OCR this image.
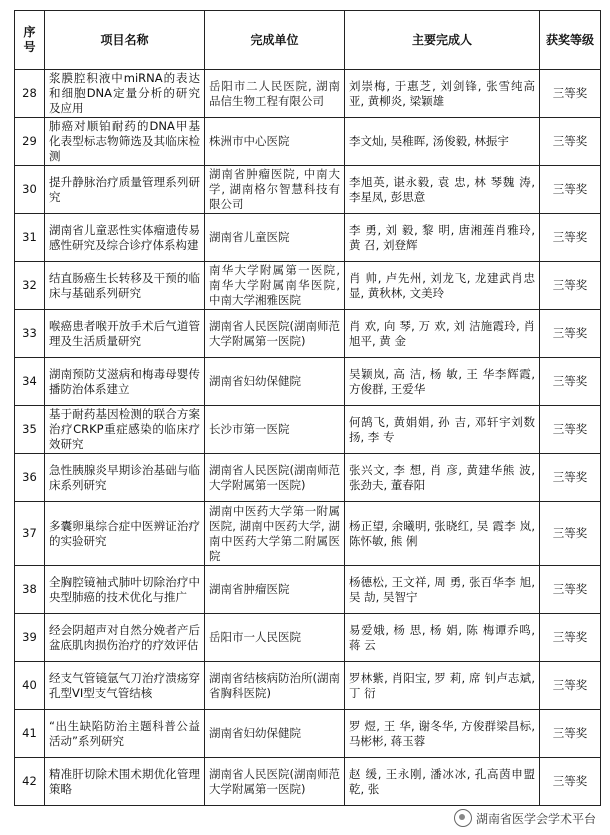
序号	项目名称	完成单位	主要完成人	获奖等级
28	浆膜腔积液中miRNA的表达和细胞DNA定量分析的研究及应用	岳阳市二人民医院, 湖南品信生物工程有限公司	刘崇梅, 于惠芝, 刘剑锋, 张雪纯高 亚, 黄柳炎, 梁颖雄	三等奖
29	肺癌对顺铂耐药的DNA甲基化表型标志物筛选及其临床检测	株洲市中心医院	李文灿, 吴稚晖, 汤俊毅, 林振宇	三等奖
30	提升静脉治疗质量管理系列研究	湖南省肿瘤医院, 中南大学, 湖南格尔智慧科技有限公司	李旭英, 谌永毅, 袁 忠, 林 琴魏 涛, 李星凤, 彭思意	三等奖
31	湖南省儿童恶性实体瘤遗传易感性研究及综合诊疗体系构建	湖南省儿童医院	李 勇, 刘 毅, 黎 明, 唐湘莲肖雅玲, 黄 召, 刘登辉	三等奖
32	结直肠癌生长转移及干预的临床与基础系列研究	南华大学附属第一医院, 南华大学附属南华医院, 中南大学湘雅医院	肖 帅, 卢先州, 刘龙飞, 龙建武肖忠显, 黄秋林, 文美玲	三等奖
33	喉癌患者喉开放手术后气道管理及生活质量研究	湖南省人民医院(湖南师范大学附属第一医院)	肖 欢, 向 琴, 万 欢, 刘 洁施霞玲, 肖旭平, 黄 金	三等奖
34	湖南预防艾滋病和梅毒母婴传播防治体系建立	湖南省妇幼保健院	吴颖岚, 高 洁, 杨 敏, 王 华李辉霞, 方俊群, 王爱华	三等奖
35	基于耐药基因检测的联合方案治疗CRKP重症感染的临床疗效研究	长沙市第一医院	何鹄飞, 黄娟娟, 孙 吉, 邓轩宇刘数扬, 李 专	三等奖
36	急性胰腺炎早期诊治基础与临床系列研究	湖南省人民医院(湖南师范大学附属第一医院)	张兴文, 李 想, 肖 彦, 黄建华熊 波, 张劲夫, 董春阳	三等奖
37	多囊卵巢综合症中医辨证治疗的实验研究	湖南中医药大学第一附属医院, 湖南中医药大学, 湖南中医药大学第二附属医院	杨正望, 余曦明, 张晓红, 吴 霞李 岚, 陈怀敏, 熊 俐	三等奖
38	全胸腔镜袖式肺叶切除治疗中央型肺癌的技术优化与推广	湖南省肿瘤医院	杨德松, 王文祥, 周 勇, 张百华李 旭, 吴 劼, 吴智宁	三等奖
39	经会阴超声对自然分娩者产后盆底肌肉损伤治疗的疗效评估	岳阳市一人民医院	易爱娥, 杨 思, 杨 娟, 陈 梅谭乔鸣, 蒋 云	三等奖
40	经支气管镜氩气刀治疗溃疡穿孔型VI型支气管结核	湖南省结核病防治所(湖南省胸科医院)	罗林紫, 肖阳宝, 罗 莉, 席 钊卢志斌, 丁 衍	三等奖
41	“出生缺陷防治主题科普公益活动”系列研究	湖南省妇幼保健院	罗 煜, 王 华, 谢冬华, 方俊群梁昌标, 马彬彬, 蒋玉蓉	三等奖
42	精准肝切除术围术期优化管理策略	湖南省人民医院(湖南师范大学附属第一医院)	赵 缓, 王永刚, 潘冰冰, 孔高茵申盟乾, 张	三等奖
湖南省医学会学术平台
